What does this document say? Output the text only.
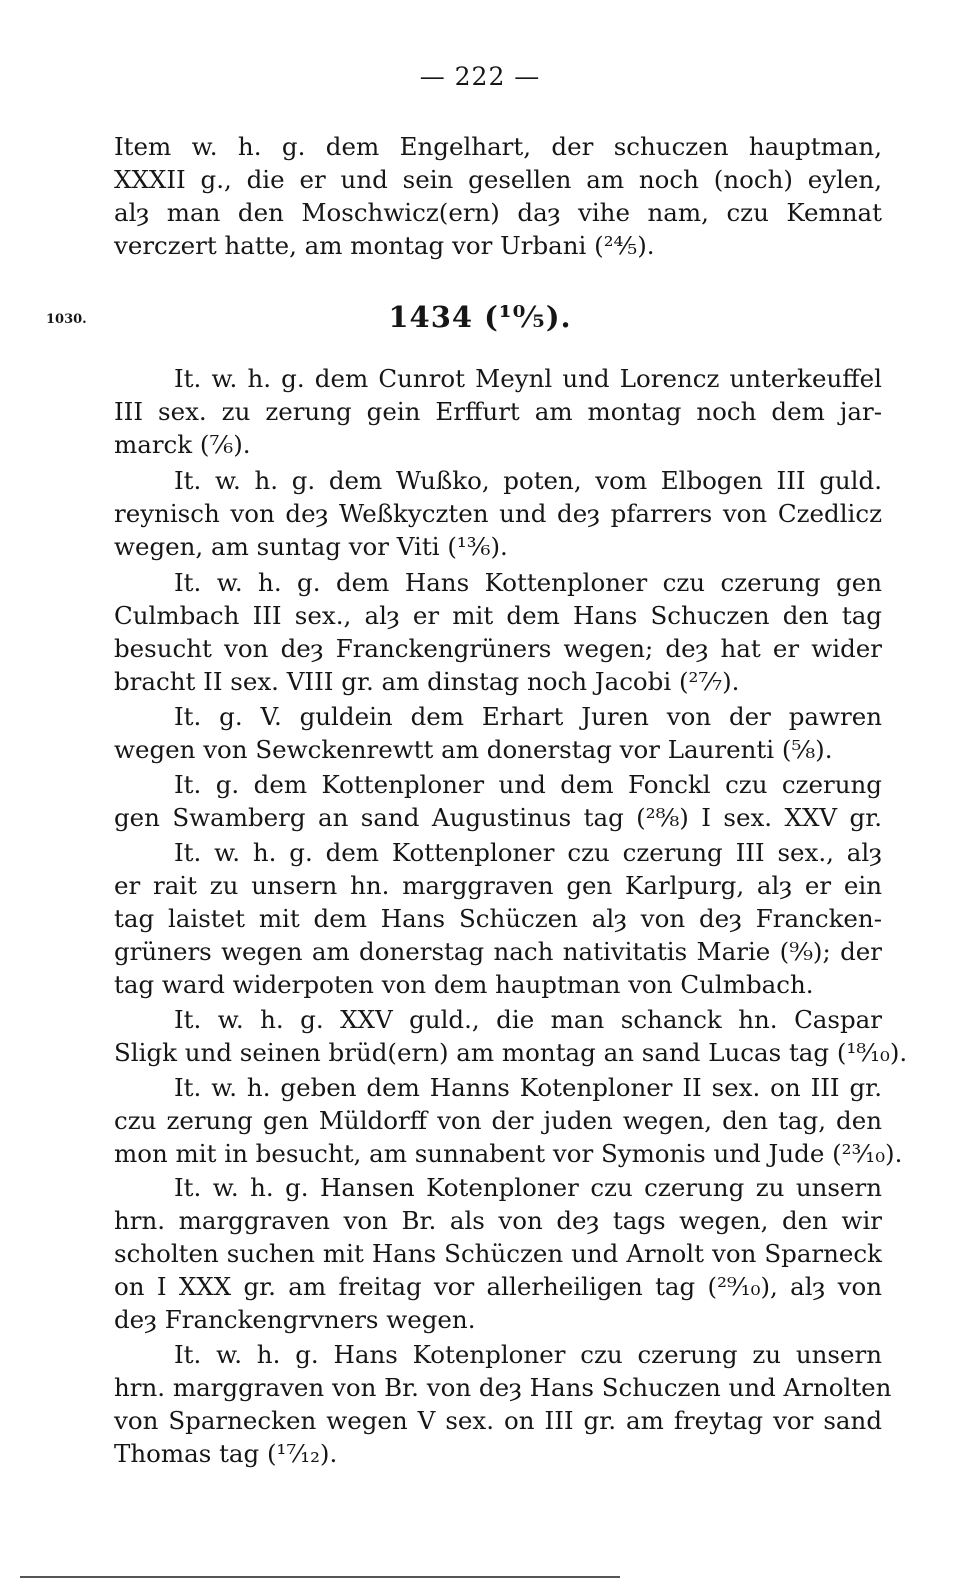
— 222 —
Item w. h. g. dem Engelhart, der schuczen hauptman,
XXXII g., die er und sein gesellen am noch (noch) eylen,
alȝ man den Moschwicz(ern) daȝ vihe nam, czu Kemnat
verczert hatte, am montag vor Urbani (²⁴⁄₅).
1030.	1434 (¹⁰⁄₅).
It. w. h. g. dem Cunrot Meynl und Lorencz unterkeuffel
III sex. zu zerung gein Erffurt am montag noch dem jar-
marck (⁷⁄₆).
It. w. h. g. dem Wußko, poten, vom Elbogen III guld.
reynisch von deȝ Weßkyczten und deȝ pfarrers von Czedlicz
wegen, am suntag vor Viti (¹³⁄₆).
It. w. h. g. dem Hans Kottenploner czu czerung gen
Culmbach III sex., alȝ er mit dem Hans Schuczen den tag
besucht von deȝ Franckengrüners wegen; deȝ hat er wider
bracht II sex. VIII gr. am dinstag noch Jacobi (²⁷⁄₇).
It. g. V. guldein dem Erhart Juren von der pawren
wegen von Sewckenrewtt am donerstag vor Laurenti (⁵⁄₈).
It. g. dem Kottenploner und dem Fonckl czu czerung
gen Swamberg an sand Augustinus tag (²⁸⁄₈) I sex. XXV gr.
It. w. h. g. dem Kottenploner czu czerung III sex., alȝ
er rait zu unsern hn. marggraven gen Karlpurg, alȝ er ein
tag laistet mit dem Hans Schüczen alȝ von deȝ Francken-
grüners wegen am donerstag nach nativitatis Marie (⁹⁄₉); der
tag ward widerpoten von dem hauptman von Culmbach.
It. w. h. g. XXV guld., die man schanck hn. Caspar
Sligk und seinen brüd(ern) am montag an sand Lucas tag (¹⁸⁄₁₀).
It. w. h. geben dem Hanns Kotenploner II sex. on III gr.
czu zerung gen Müldorff von der juden wegen, den tag, den
mon mit in besucht, am sunnabent vor Symonis und Jude (²³⁄₁₀).
It. w. h. g. Hansen Kotenploner czu czerung zu unsern
hrn. marggraven von Br. als von deȝ tags wegen, den wir
scholten suchen mit Hans Schüczen und Arnolt von Sparneck
on I XXX gr. am freitag vor allerheiligen tag (²⁹⁄₁₀), alȝ von
deȝ Franckengrvners wegen.
It. w. h. g. Hans Kotenploner czu czerung zu unsern
hrn. marggraven von Br. von deȝ Hans Schuczen und Arnolten
von Sparnecken wegen V sex. on III gr. am freytag vor sand
Thomas tag (¹⁷⁄₁₂).
